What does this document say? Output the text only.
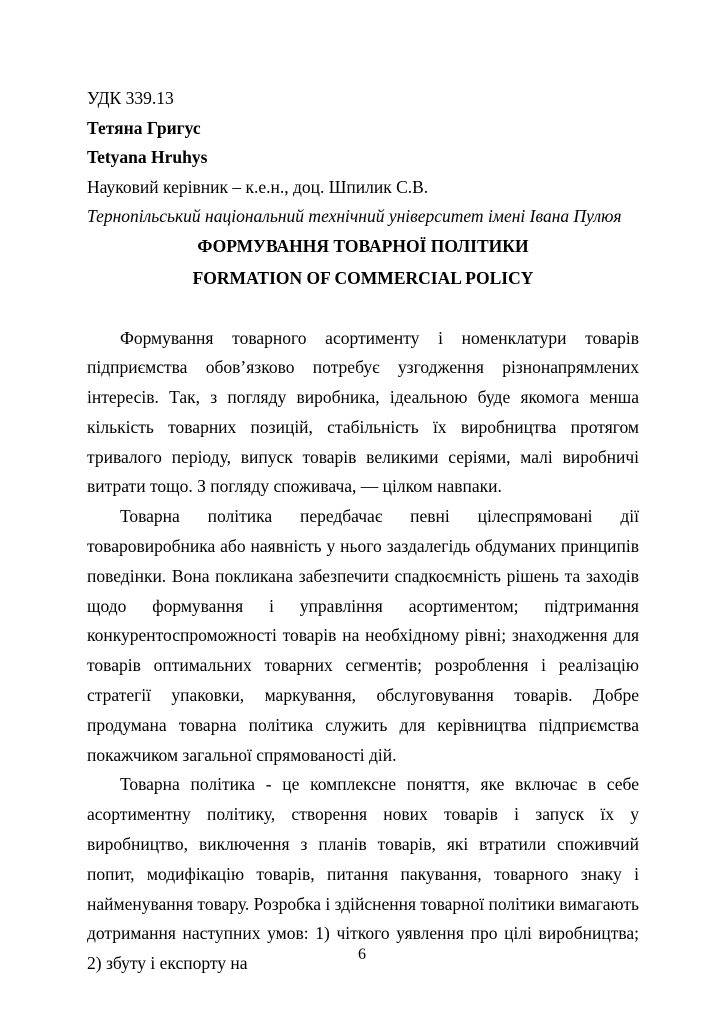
УДК 339.13
Тетяна Григус
Tetyana Hruhys
Науковий керівник – к.е.н., доц. Шпилик С.В.
Тернопільський національний технічний університет імені Івана Пулюя
ФОРМУВАННЯ ТОВАРНОЇ ПОЛІТИКИ
FORMATION OF COMMERCIAL POLICY

Формування товарного асортименту і номенклатури товарів підприємства обов’язково потребує узгодження різнонапрямлених інтересів. Так, з погляду виробника, ідеальною буде якомога менша кількість товарних позицій, стабільність їх виробництва протягом тривалого періоду, випуск товарів великими серіями, малі виробничі витрати тощо. З погляду споживача, — цілком навпаки.

Товарна політика передбачає певні цілеспрямовані дії товаровиробника або наявність у нього заздалегідь обдуманих принципів поведінки. Вона покликана забезпечити спадкоємність рішень та заходів щодо формування і управління асортиментом; підтримання конкурентоспроможності товарів на необхідному рівні; знаходження для товарів оптимальних товарних сегментів; розроблення і реалізацію стратегії упаковки, маркування, обслуговування товарів. Добре продумана товарна політика служить для керівництва підприємства покажчиком загальної спрямованості дій.

Товарна політика - це комплексне поняття, яке включає в себе асортиментну політику, створення нових товарів і запуск їх у виробництво, виключення з планів товарів, які втратили споживчий попит, модифікацію товарів, питання пакування, товарного знаку і найменування товару. Розробка і здійснення товарної політики вимагають дотримання наступних умов: 1) чіткого уявлення про цілі виробництва; 2) збуту і експорту на	6
